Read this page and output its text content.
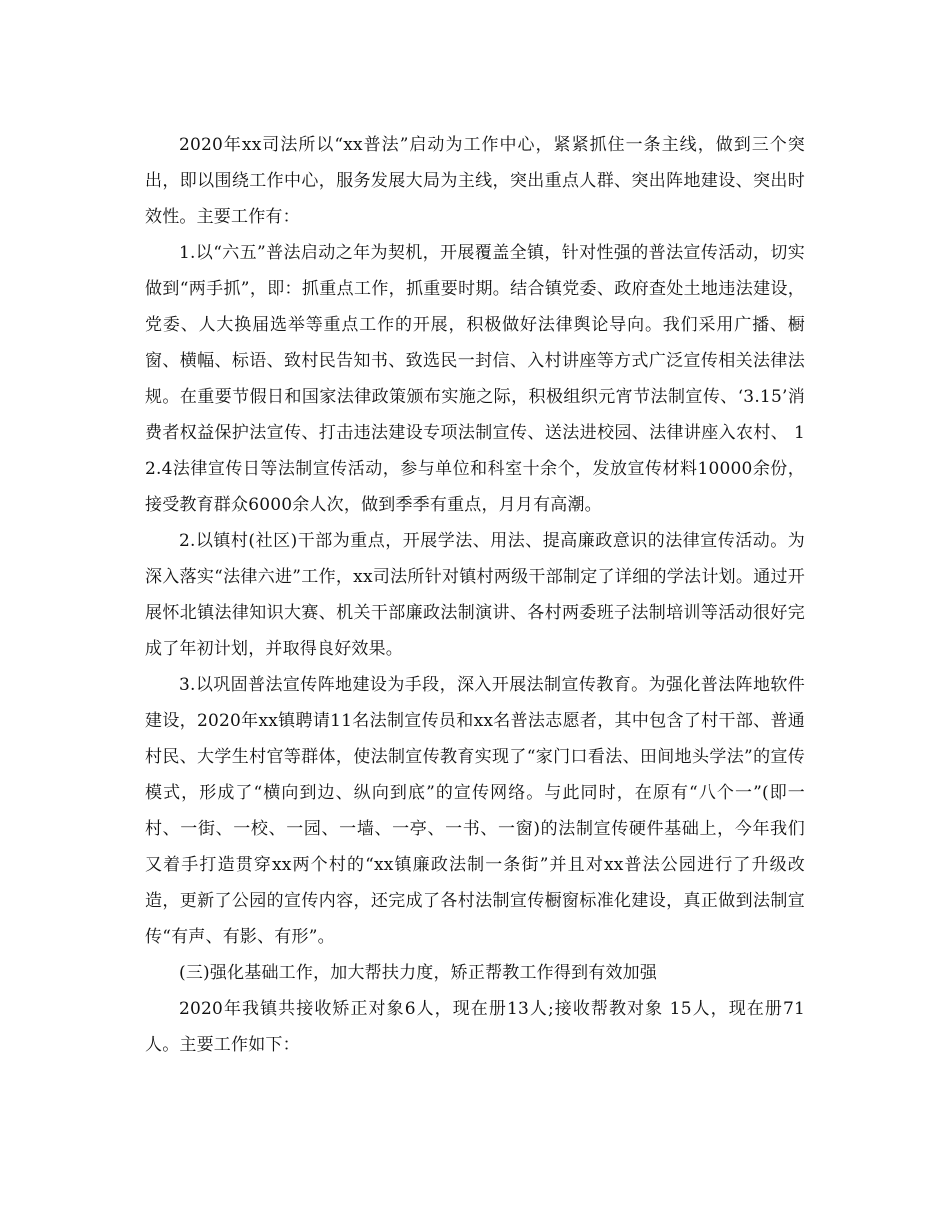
2020年xx司法所以“xx普法”启动为工作中心，紧紧抓住一条主线，做到三个突出，即以围绕工作中心，服务发展大局为主线，突出重点人群、突出阵地建设、突出时效性。主要工作有：

1.以“六五”普法启动之年为契机，开展覆盖全镇，针对性强的普法宣传活动，切实做到“两手抓”，即：抓重点工作，抓重要时期。结合镇党委、政府查处土地违法建设，党委、人大换届选举等重点工作的开展，积极做好法律舆论导向。我们采用广播、橱窗、横幅、标语、致村民告知书、致选民一封信、入村讲座等方式广泛宣传相关法律法规。在重要节假日和国家法律政策颁布实施之际，积极组织元宵节法制宣传、‘3.15’消费者权益保护法宣传、打击违法建设专项法制宣传、送法进校园、法律讲座入农村、 12.4法律宣传日等法制宣传活动，参与单位和科室十余个，发放宣传材料10000余份，接受教育群众6000余人次，做到季季有重点，月月有高潮。

2.以镇村(社区)干部为重点，开展学法、用法、提高廉政意识的法律宣传活动。为深入落实“法律六进”工作，xx司法所针对镇村两级干部制定了详细的学法计划。通过开展怀北镇法律知识大赛、机关干部廉政法制演讲、各村两委班子法制培训等活动很好完成了年初计划，并取得良好效果。

3.以巩固普法宣传阵地建设为手段，深入开展法制宣传教育。为强化普法阵地软件建设，2020年xx镇聘请11名法制宣传员和xx名普法志愿者，其中包含了村干部、普通村民、大学生村官等群体，使法制宣传教育实现了“家门口看法、田间地头学法”的宣传模式，形成了“横向到边、纵向到底”的宣传网络。与此同时，在原有“八个一”(即一村、一街、一校、一园、一墙、一亭、一书、一窗)的法制宣传硬件基础上，今年我们又着手打造贯穿xx两个村的“xx镇廉政法制一条街”并且对xx普法公园进行了升级改造，更新了公园的宣传内容，还完成了各村法制宣传橱窗标准化建设，真正做到法制宣传“有声、有影、有形”。

(三)强化基础工作，加大帮扶力度，矫正帮教工作得到有效加强

2020年我镇共接收矫正对象6人，现在册13人;接收帮教对象 15人，现在册71人。主要工作如下：
